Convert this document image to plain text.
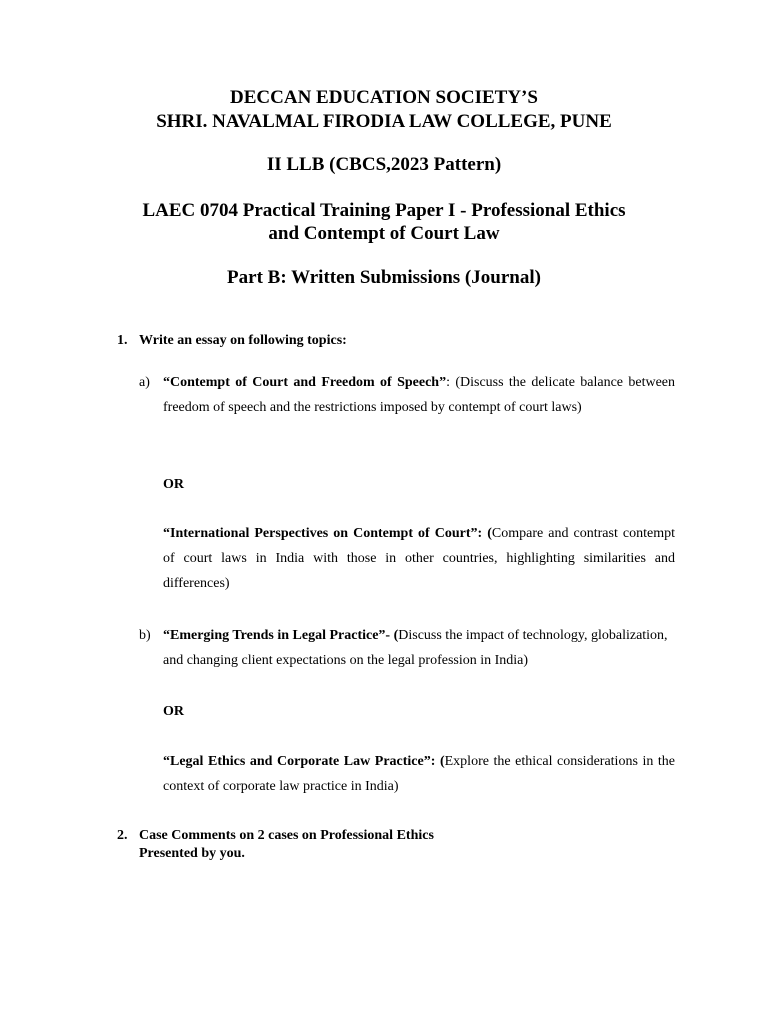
DECCAN EDUCATION SOCIETY’S
SHRI. NAVALMAL FIRODIA LAW COLLEGE, PUNE
II LLB (CBCS,2023 Pattern)
LAEC 0704 Practical Training Paper I - Professional Ethics
and Contempt of Court Law
Part B: Written Submissions (Journal)
1. Write an essay on following topics:
a) “Contempt of Court and Freedom of Speech”: (Discuss the delicate balance between freedom of speech and the restrictions imposed by contempt of court laws)
OR
“International Perspectives on Contempt of Court”: (Compare and contrast contempt of court laws in India with those in other countries, highlighting similarities and differences)
b) “Emerging Trends in Legal Practice”- (Discuss the impact of technology, globalization, and changing client expectations on the legal profession in India)
OR
“Legal Ethics and Corporate Law Practice”: (Explore the ethical considerations in the context of corporate law practice in India)
2. Case Comments on 2 cases on Professional Ethics
Presented by you.
